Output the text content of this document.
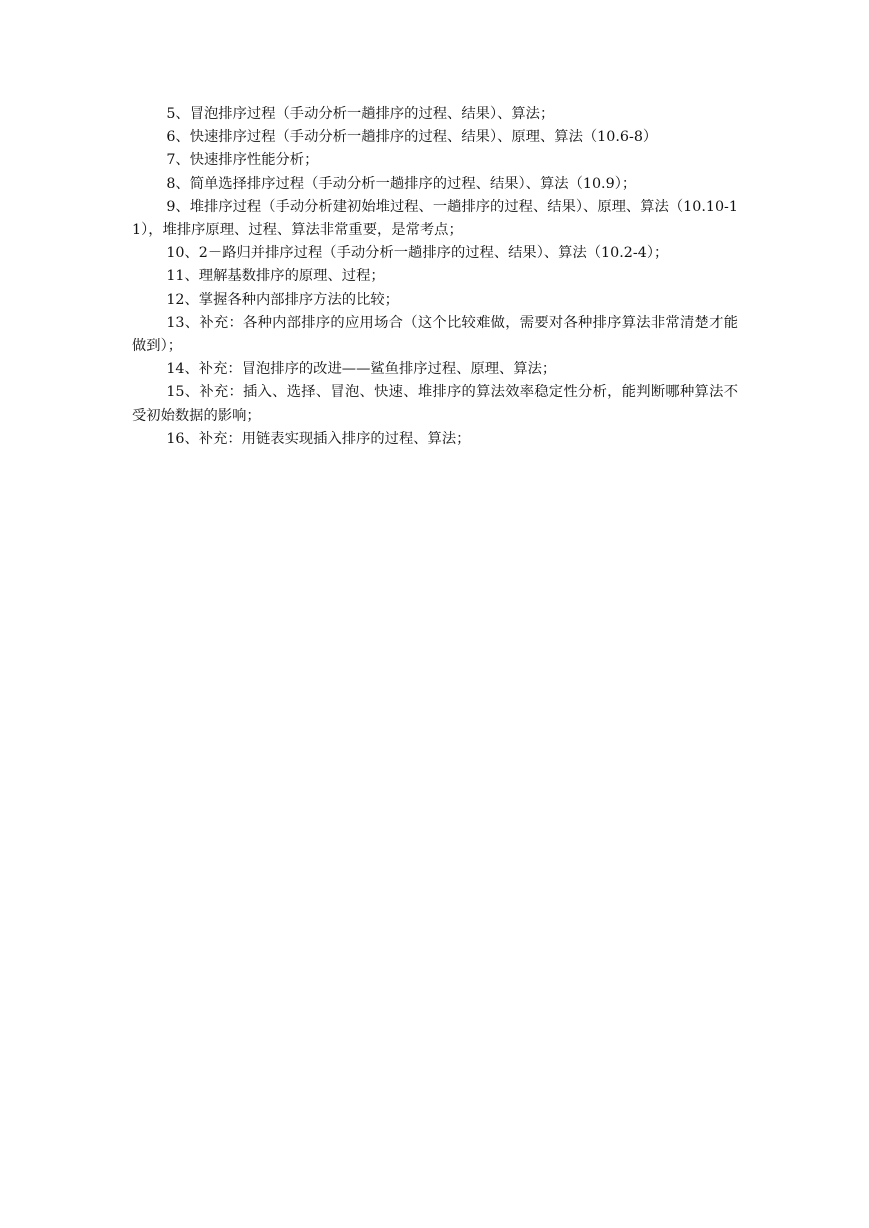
5、冒泡排序过程（手动分析一趟排序的过程、结果）、算法；

6、快速排序过程（手动分析一趟排序的过程、结果）、原理、算法（10.6-8）

7、快速排序性能分析；

8、简单选择排序过程（手动分析一趟排序的过程、结果）、算法（10.9）；

9、堆排序过程（手动分析建初始堆过程、一趟排序的过程、结果）、原理、算法（10.10-11），堆排序原理、过程、算法非常重要，是常考点；

10、2－路归并排序过程（手动分析一趟排序的过程、结果）、算法（10.2-4）；

11、理解基数排序的原理、过程；

12、掌握各种内部排序方法的比较；

13、补充：各种内部排序的应用场合（这个比较难做，需要对各种排序算法非常清楚才能做到）；

14、补充：冒泡排序的改进——鲨鱼排序过程、原理、算法；

15、补充：插入、选择、冒泡、快速、堆排序的算法效率稳定性分析，能判断哪种算法不受初始数据的影响；

16、补充：用链表实现插入排序的过程、算法；
